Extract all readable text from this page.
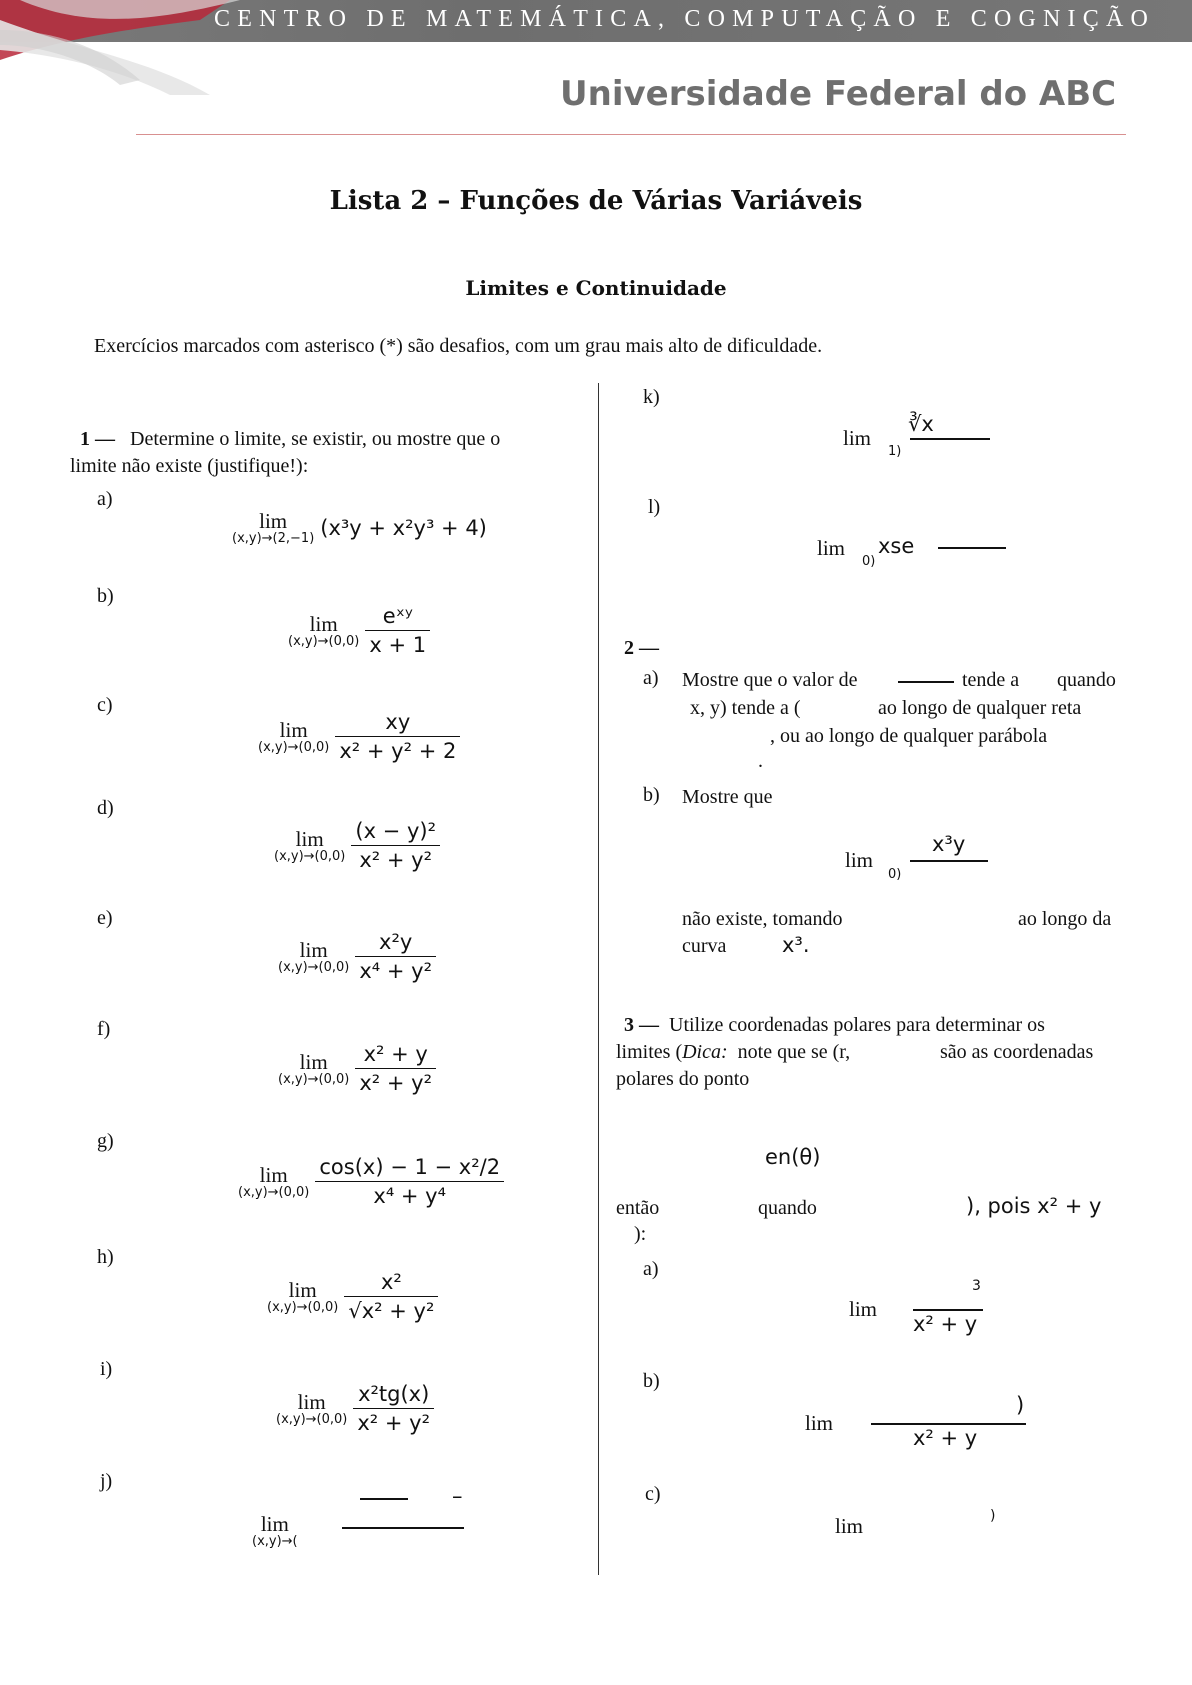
CENTRO DE MATEMÁTICA, COMPUTAÇÃO E COGNIÇÃO
Universidade Federal do ABC
Lista 2 – Funções de Várias Variáveis
Limites e Continuidade
Exercícios marcados com asterisco (*) são desafios, com um grau mais alto de dificuldade.
1 — Determine o limite, se existir, ou mostre que o
limite não existe (justifique!):
a)
lim
(x,y)→(2,−1) (x³y + x²y³ + 4)
b)
lim
$(x,y)\to(0,0) \frac{\text{eˣʸ}}{x + 1}$
c)
lim
$(x,y)\to(0,0) \frac{xy}{\text{x² + y² + 2}}$
d)
lim
$(x,y)\to(0,0) \frac{\text{(x − y)²}}{\text{x² + y²}}$
e)
lim
$(x,y)\to(0,0) \frac{\text{x²y}}{\text{x⁴ + y²}}$
f)
lim
$(x,y)\to(0,0) \frac{\text{x² + y}}{\text{x² + y²}}$
g)
lim
$(x,y)\to(0,0) \frac{\text{cos(x) − 1 − x²/2}}{\text{x⁴ + y⁴}}$
h)
lim
$(x,y)\to(0,0) \frac{\text{x²}}{\text{√x² + y²}}$
i)
lim
$(x,y)\to(0,0) \frac{\text{x²tg(x)}}{\text{x² + y²}}$
j)
–
lim
(x,y)→(
k)
lim
1)
∛x
l)
lim
0)
xse
2 —
a) Mostre que o valor de	tende a quando
x, y) tende a (	ao longo de qualquer reta
, ou ao longo de qualquer parábola
.
b) Mostre que
lim
0)
x³y
não existe, tomando	ao longo da
curva	x³.
3 — Utilize coordenadas polares para determinar os
limites (Dica: note que se (r,	são as coordenadas
polares do ponto
en(θ)
então	quando	), pois x² + y
):
a)
lim
3
x² + y
b)
lim
)
x² + y
c)
lim	)
